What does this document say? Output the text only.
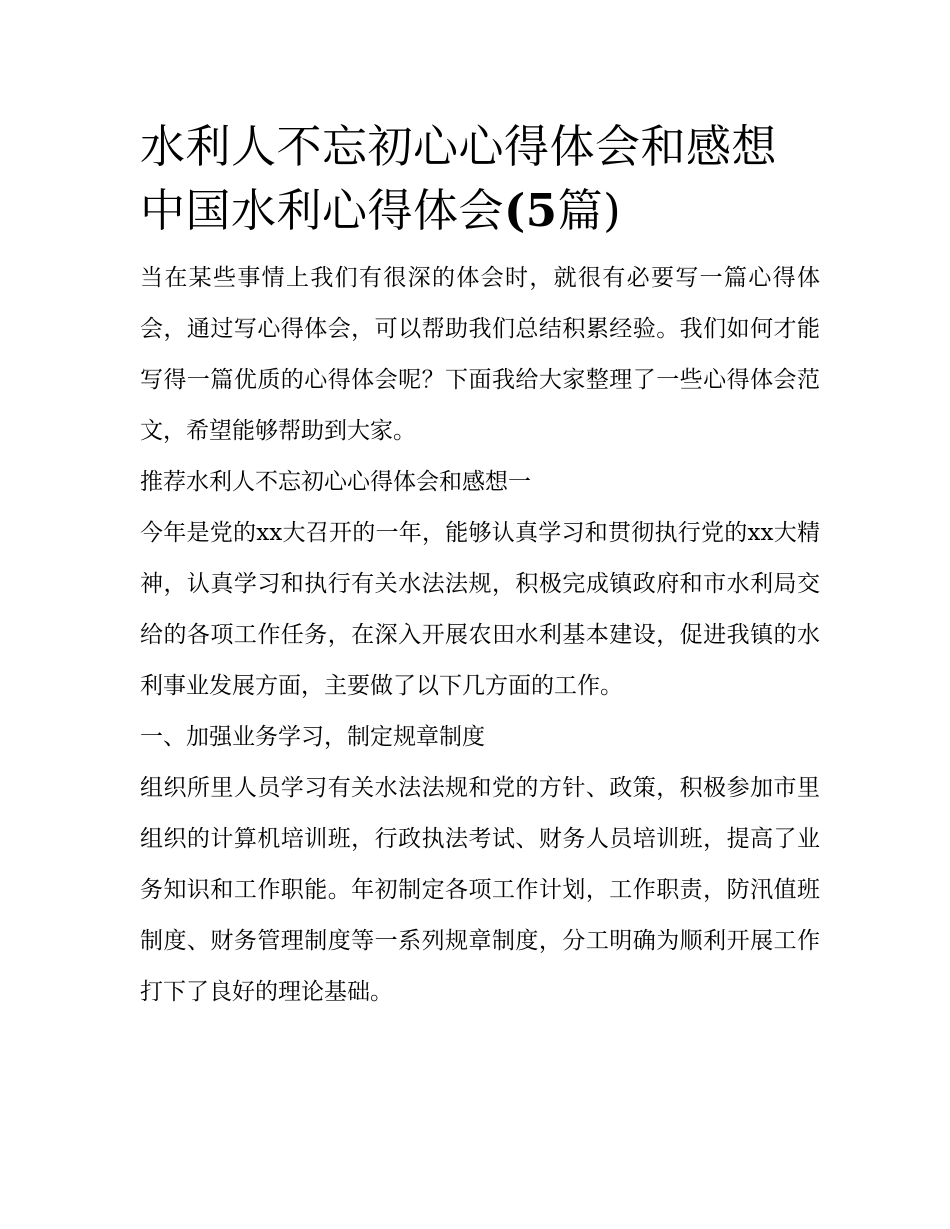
水利人不忘初心心得体会和感想 中国水利心得体会(5篇)

当在某些事情上我们有很深的体会时，就很有必要写一篇心得体会，通过写心得体会，可以帮助我们总结积累经验。我们如何才能写得一篇优质的心得体会呢？下面我给大家整理了一些心得体会范文，希望能够帮助到大家。

推荐水利人不忘初心心得体会和感想一

今年是党的xx大召开的一年，能够认真学习和贯彻执行党的xx大精神，认真学习和执行有关水法法规，积极完成镇政府和市水利局交给的各项工作任务，在深入开展农田水利基本建设，促进我镇的水利事业发展方面，主要做了以下几方面的工作。

一、加强业务学习，制定规章制度

组织所里人员学习有关水法法规和党的方针、政策，积极参加市里组织的计算机培训班，行政执法考试、财务人员培训班，提高了业务知识和工作职能。年初制定各项工作计划，工作职责，防汛值班制度、财务管理制度等一系列规章制度，分工明确为顺利开展工作打下了良好的理论基础。
